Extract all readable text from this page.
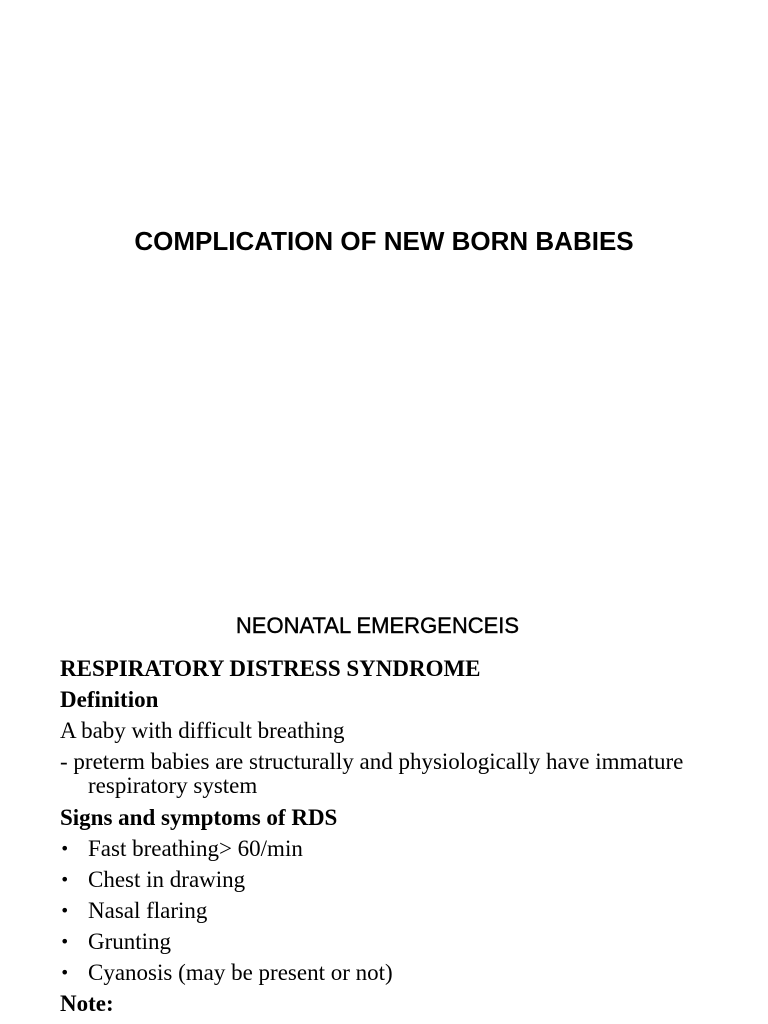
COMPLICATION OF NEW BORN BABIES
NEONATAL EMERGENCEIS
RESPIRATORY DISTRESS SYNDROME
Definition
A baby with difficult breathing
- preterm babies are structurally and physiologically have immature respiratory system
Signs and symptoms of RDS
• Fast breathing> 60/min
• Chest in drawing
• Nasal flaring
• Grunting
• Cyanosis (may be present or not)
Note:
